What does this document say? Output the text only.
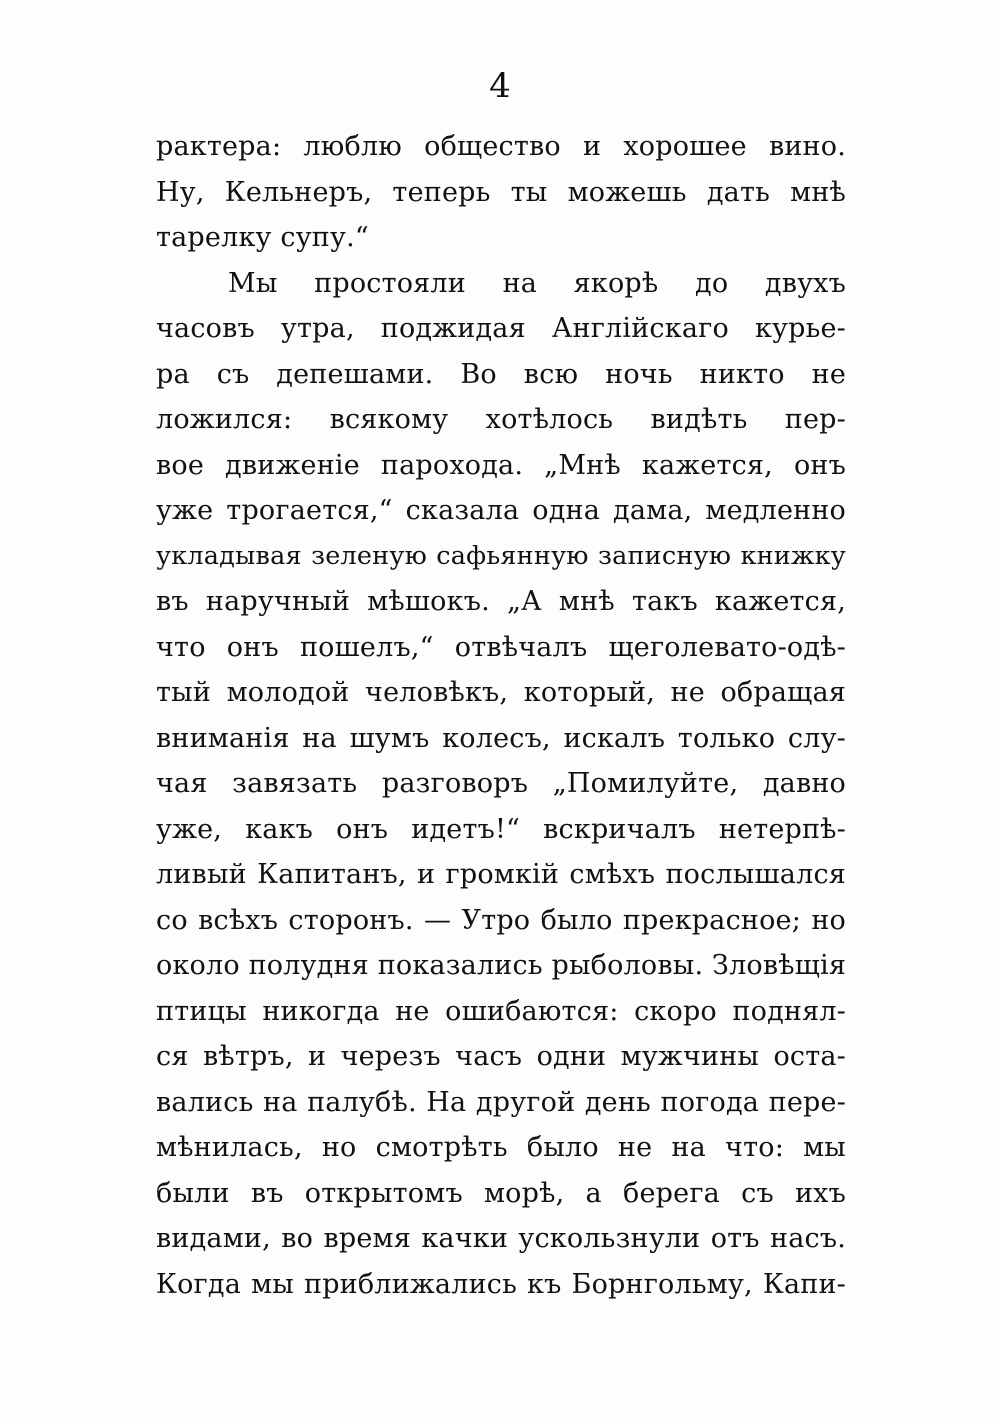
4
рактера: люблю общество и хорошее вино.
Ну, Кельнеръ, теперь ты можешь дать мнѣ
тарелку супу.“
Мы простояли на якорѣ до двухъ
часовъ утра, поджидая Англійскаго курье-
ра съ депешами. Во всю ночь никто не
ложился: всякому хотѣлось видѣть пер-
вое движеніе парохода. „Мнѣ кажется, онъ
уже трогается,“ сказала одна дама, медленно
укладывая зеленую сафьянную записную книжку
въ наручный мѣшокъ. „А мнѣ такъ кажется,
что онъ пошелъ,“ отвѣчалъ щеголевато-одѣ-
тый молодой человѣкъ, который, не обращая
вниманія на шумъ колесъ, искалъ только слу-
чая завязать разговоръ „Помилуйте, давно
уже, какъ онъ идетъ!“ вскричалъ нетерпѣ-
ливый Капитанъ, и громкій смѣхъ послышался
со всѣхъ сторонъ. — Утро было прекрасное; но
около полудня показались рыболовы. Зловѣщія
птицы никогда не ошибаются: скоро поднял-
ся вѣтръ, и черезъ часъ одни мужчины оста-
вались на палубѣ. На другой день погода пере-
мѣнилась, но смотрѣть было не на что: мы
были въ открытомъ морѣ, а берега съ ихъ
видами, во время качки ускользнули отъ насъ.
Когда мы приближались къ Борнгольму, Капи-
